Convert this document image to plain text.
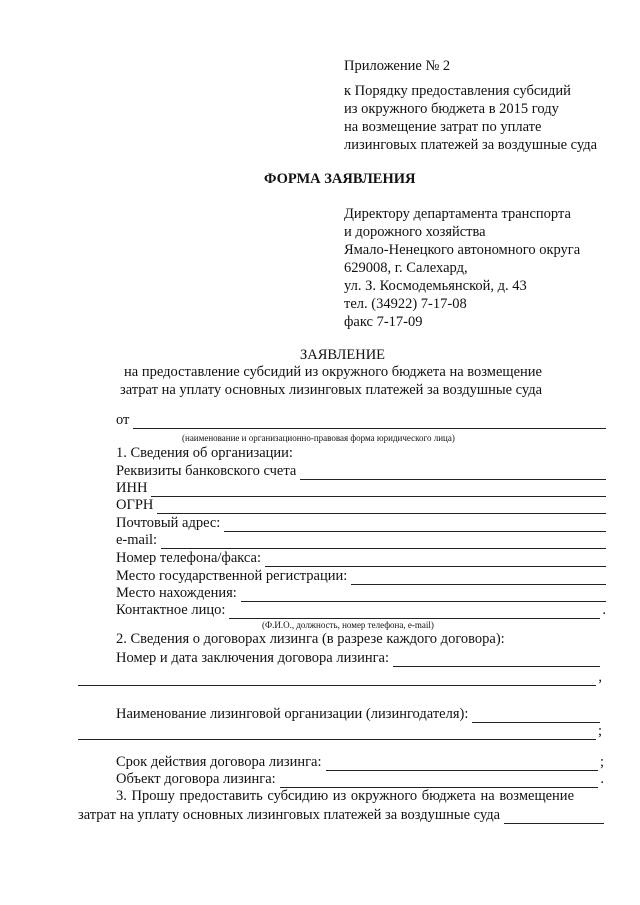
Приложение № 2
к Порядку предоставления субсидий
из окружного бюджета в 2015 году
на возмещение затрат по уплате
лизинговых платежей за воздушные суда
ФОРМА ЗАЯВЛЕНИЯ
Директору департамента транспорта
и дорожного хозяйства
Ямало-Ненецкого автономного округа
629008, г. Салехард,
ул. З. Космодемьянской, д. 43
тел. (34922) 7-17-08
факс 7-17-09
ЗАЯВЛЕНИЕ
на предоставление субсидий из окружного бюджета на возмещение
затрат на уплату основных лизинговых платежей за воздушные суда
от
(наименование и организационно-правовая форма юридического лица)
1. Сведения об организации:
Реквизиты банковского счета
ИНН
ОГРН
Почтовый адрес:
e-mail:
Номер телефона/факса:
Место государственной регистрации:
Место нахождения:
Контактное лицо:	.
(Ф.И.О., должность, номер телефона, e-mail)
2. Сведения о договорах лизинга (в разрезе каждого договора):
Номер и дата заключения договора лизинга:
,
Наименование лизинговой организации (лизингодателя):
;
Срок действия договора лизинга:	;
Объект договора лизинга:	.
3. Прошу предоставить субсидию из окружного бюджета на возмещение
затрат на уплату основных лизинговых платежей за воздушные суда
